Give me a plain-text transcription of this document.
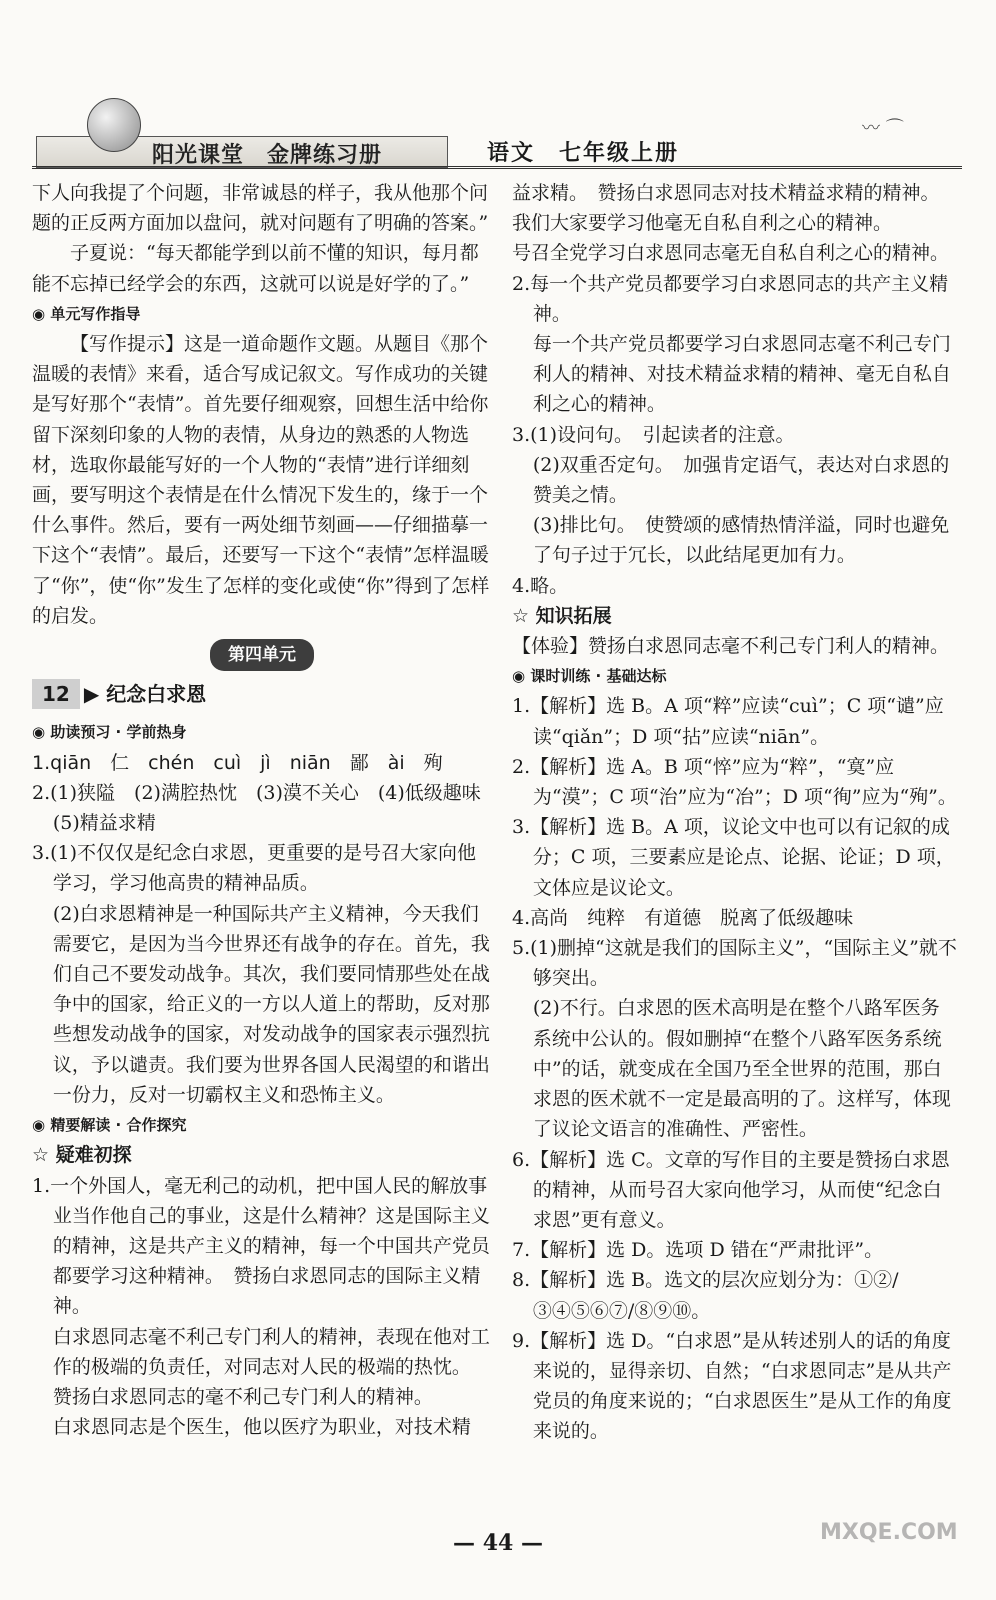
阳光课堂　金牌练习册	语文　七年级上册
〰 ⌒

下人向我提了个问题，非常诚恳的样子，我从他那个问题的正反两方面加以盘问，就对问题有了明确的答案。”

子夏说：“每天都能学到以前不懂的知识，每月都能不忘掉已经学会的东西，这就可以说是好学的了。”

◉ 单元写作指导

【写作提示】这是一道命题作文题。从题目《那个温暖的表情》来看，适合写成记叙文。写作成功的关键是写好那个“表情”。首先要仔细观察，回想生活中给你留下深刻印象的人物的表情，从身边的熟悉的人物选材，选取你最能写好的一个人物的“表情”进行详细刻画，要写明这个表情是在什么情况下发生的，缘于一个什么事件。然后，要有一两处细节刻画——仔细描摹一下这个“表情”。最后，还要写一下这个“表情”怎样温暖了“你”，使“你”发生了怎样的变化或使“你”得到了怎样的启发。

第四单元
12 ▶ 纪念白求恩

◉ 助读预习 · 学前热身

1.qiān　仁　chén　cuì　jì　niān　鄙　ài　殉

2.(1)狭隘　(2)满腔热忱　(3)漠不关心　(4)低级趣味　(5)精益求精

3.(1)不仅仅是纪念白求恩，更重要的是号召大家向他学习，学习他高贵的精神品质。

(2)白求恩精神是一种国际共产主义精神，今天我们需要它，是因为当今世界还有战争的存在。首先，我们自己不要发动战争。其次，我们要同情那些处在战争中的国家，给正义的一方以人道上的帮助，反对那些想发动战争的国家，对发动战争的国家表示强烈抗议，予以谴责。我们要为世界各国人民渴望的和谐出一份力，反对一切霸权主义和恐怖主义。

◉ 精要解读 · 合作探究

☆ 疑难初探

1.一个外国人，毫无利己的动机，把中国人民的解放事业当作他自己的事业，这是什么精神？这是国际主义的精神，这是共产主义的精神，每一个中国共产党员都要学习这种精神。　赞扬白求恩同志的国际主义精神。

白求恩同志毫不利己专门利人的精神，表现在他对工作的极端的负责任，对同志对人民的极端的热忱。

赞扬白求恩同志的毫不利己专门利人的精神。

白求恩同志是个医生，他以医疗为职业，对技术精

益求精。　赞扬白求恩同志对技术精益求精的精神。

我们大家要学习他毫无自私自利之心的精神。

号召全党学习白求恩同志毫无自私自利之心的精神。

2.每一个共产党员都要学习白求恩同志的共产主义精神。

每一个共产党员都要学习白求恩同志毫不利己专门利人的精神、对技术精益求精的精神、毫无自私自利之心的精神。

3.(1)设问句。　引起读者的注意。

(2)双重否定句。　加强肯定语气，表达对白求恩的赞美之情。

(3)排比句。　使赞颂的感情热情洋溢，同时也避免了句子过于冗长，以此结尾更加有力。

4.略。

☆ 知识拓展

【体验】赞扬白求恩同志毫不利己专门利人的精神。

◉ 课时训练 · 基础达标

1.【解析】选 B。A 项“粹”应读“cuì”；C 项“谴”应读“qiǎn”；D 项“拈”应读“niān”。

2.【解析】选 A。B 项“悴”应为“粹”，“寞”应为“漠”；C 项“治”应为“冶”；D 项“徇”应为“殉”。

3.【解析】选 B。A 项，议论文中也可以有记叙的成分；C 项，三要素应是论点、论据、论证；D 项，文体应是议论文。

4.高尚　纯粹　有道德　脱离了低级趣味

5.(1)删掉“这就是我们的国际主义”，“国际主义”就不够突出。

(2)不行。白求恩的医术高明是在整个八路军医务系统中公认的。假如删掉“在整个八路军医务系统中”的话，就变成在全国乃至全世界的范围，那白求恩的医术就不一定是最高明的了。这样写，体现了议论文语言的准确性、严密性。

6.【解析】选 C。文章的写作目的主要是赞扬白求恩的精神，从而号召大家向他学习，从而使“纪念白求恩”更有意义。

7.【解析】选 D。选项 D 错在“严肃批评”。

8.【解析】选 B。选文的层次应划分为：①②/③④⑤⑥⑦/⑧⑨⑩。

9.【解析】选 D。“白求恩”是从转述别人的话的角度来说的，显得亲切、自然；“白求恩同志”是从共产党员的角度来说的；“白求恩医生”是从工作的角度来说的。

— 44 —	MXQE.COM
